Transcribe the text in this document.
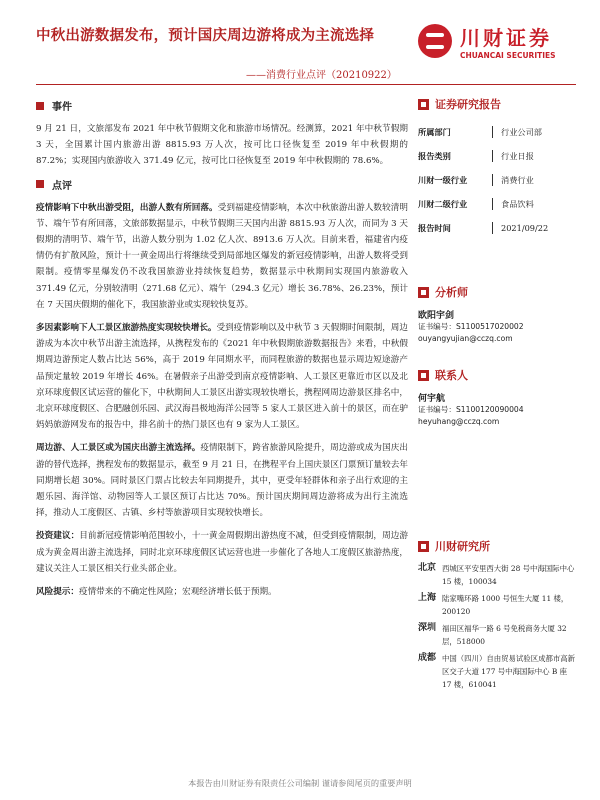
中秋出游数据发布，预计国庆周边游将成为主流选择	川财证券
CHUANCAI SECURITIES
——消费行业点评（20210922）
事件

9 月 21 日，文旅部发布 2021 年中秋节假期文化和旅游市场情况。经测算，2021 年中秋节假期 3 天，全国累计国内旅游出游 8815.93 万人次，按可比口径恢复至 2019 年中秋假期的 87.2%；实现国内旅游收入 371.49 亿元，按可比口径恢复至 2019 年中秋假期的 78.6%。

点评

疫情影响下中秋出游受阻，出游人数有所回落。受到福建疫情影响，本次中秋旅游出游人数较清明节、端午节有所回落，文旅部数据显示，中秋节假期三天国内出游 8815.93 万人次，而同为 3 天假期的清明节、端午节，出游人数分别为 1.02 亿人次、8913.6 万人次。目前来看，福建省内疫情仍有扩散风险，预计十一黄金周出行将继续受到局部地区爆发的新冠疫情影响，出游人数将受到限制。疫情零星爆发仍不改我国旅游业持续恢复趋势，数据显示中秋期间实现国内旅游收入 371.49 亿元，分别较清明（271.68 亿元）、端午（294.3 亿元）增长 36.78%、26.23%，预计在 7 天国庆假期的催化下，我国旅游业或实现较快复苏。

多因素影响下人工景区旅游热度实现较快增长。受到疫情影响以及中秋节 3 天假期时间限制，周边游成为本次中秋节出游主流选择，从携程发布的《2021 年中秋假期旅游数据报告》来看，中秋假期周边游预定人数占比达 56%，高于 2019 年同期水平，而同程旅游的数据也显示周边短途游产品预定量较 2019 年增长 46%。在暑假亲子出游受到南京疫情影响、人工景区更靠近市区以及北京环球度假区试运营的催化下，中秋期间人工景区出游实现较快增长，携程网周边游景区排名中，北京环球度假区、合肥融创乐园、武汉海昌极地海洋公园等 5 家人工景区进入前十的景区，而在驴妈妈旅游网发布的报告中，排名前十的热门景区也有 9 家为人工景区。

周边游、人工景区或为国庆出游主流选择。疫情限制下，跨省旅游风险提升，周边游或成为国庆出游的替代选择，携程发布的数据显示，截至 9 月 21 日，在携程平台上国庆景区门票预订量较去年同期增长超 30%。同时景区门票占比较去年同期提升，其中，更受年轻群体和亲子出行欢迎的主题乐园、海洋馆、动物园等人工景区预订占比达 70%。预计国庆期间周边游将成为出行主流选择，推动人工度假区、古镇、乡村等旅游项目实现较快增长。

投资建议：目前新冠疫情影响范围较小，十一黄金周假期出游热度不减，但受到疫情限制，周边游成为黄金周出游主流选择，同时北京环球度假区试运营也进一步催化了各地人工度假区旅游热度，建议关注人工景区相关行业头部企业。

风险提示：疫情带来的不确定性风险；宏观经济增长低于预期。

证券研究报告
所属部门	行业公司部
报告类别	行业日报
川财一级行业	消费行业
川财二级行业	食品饮料
报告时间	2021/09/22
分析师
欧阳宇剑
证书编号：S1100517020002
ouyangyujian@cczq.com
联系人
何宇航
证书编号：S1100120090004
heyuhang@cczq.com
川财研究所
北京 西城区平安里西大街 28 号中海国际中心 15 楼，100034
上海 陆家嘴环路 1000 号恒生大厦 11 楼，200120
深圳 福田区福华一路 6 号免税商务大厦 32 层，518000
成都 中国（四川）自由贸易试验区成都市高新区交子大道 177 号中海国际中心 B 座 17 楼，610041
本报告由川财证券有限责任公司编制 谨请参阅尾页的重要声明
